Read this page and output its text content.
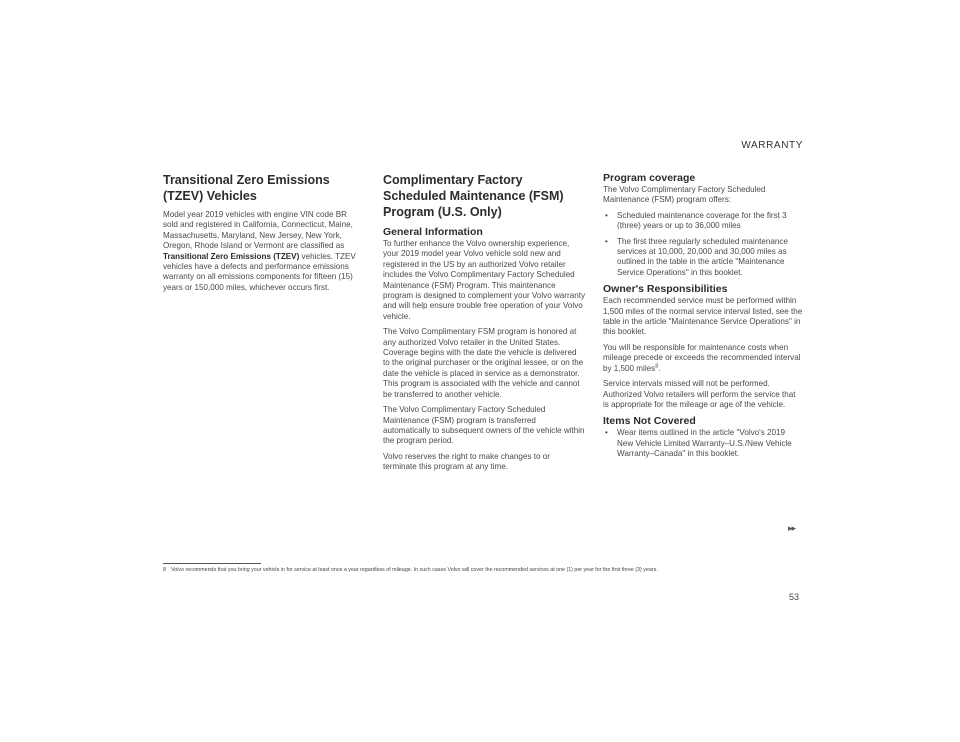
WARRANTY
Transitional Zero Emissions (TZEV) Vehicles

Model year 2019 vehicles with engine VIN code BR sold and registered in California, Connecticut, Maine, Massachusetts, Maryland, New Jersey, New York, Oregon, Rhode Island or Vermont are classified as Transitional Zero Emissions (TZEV) vehicles. TZEV vehicles have a defects and performance emissions warranty on all emissions components for fifteen (15) years or 150,000 miles, whichever occurs first.

Complimentary Factory Scheduled Maintenance (FSM) Program (U.S. Only)
General Information

To further enhance the Volvo ownership experience, your 2019 model year Volvo vehicle sold new and registered in the US by an authorized Volvo retailer includes the Volvo Complimentary Factory Scheduled Maintenance (FSM) Program. This maintenance program is designed to complement your Volvo warranty and will help ensure trouble free operation of your Volvo vehicle.

The Volvo Complimentary FSM program is honored at any authorized Volvo retailer in the United States. Coverage begins with the date the vehicle is delivered to the original purchaser or the original lessee, or on the date the vehicle is placed in service as a demonstrator. This program is associated with the vehicle and cannot be transferred to another vehicle.

The Volvo Complimentary Factory Scheduled Maintenance (FSM) program is transferred automatically to subsequent owners of the vehicle within the program period.

Volvo reserves the right to make changes to or terminate this program at any time.

Program coverage

The Volvo Complimentary Factory Scheduled Maintenance (FSM) program offers:

• Scheduled maintenance coverage for the first 3 (three) years or up to 36,000 miles
• The first three regularly scheduled maintenance services at 10,000, 20,000 and 30,000 miles as outlined in the table in the article "Maintenance Service Operations" in this booklet.
Owner's Responsibilities

Each recommended service must be performed within 1,500 miles of the normal service interval listed, see the table in the article "Maintenance Service Operations" in this booklet.

You will be responsible for maintenance costs when mileage precede or exceeds the recommended interval by 1,500 miles$^8$.

Service intervals missed will not be performed. Authorized Volvo retailers will perform the service that is appropriate for the mileage or age of the vehicle.

Items Not Covered
• Wear items outlined in the article "Volvo's 2019 New Vehicle Limited Warranty–U.S./New Vehicle Warranty–Canada" in this booklet.
▸▸
8 Volvo recommends that you bring your vehicle in for service at least once a year regardless of mileage. In such cases Volvo will cover the recommended services at one (1) per year for the first three (3) years.
53
